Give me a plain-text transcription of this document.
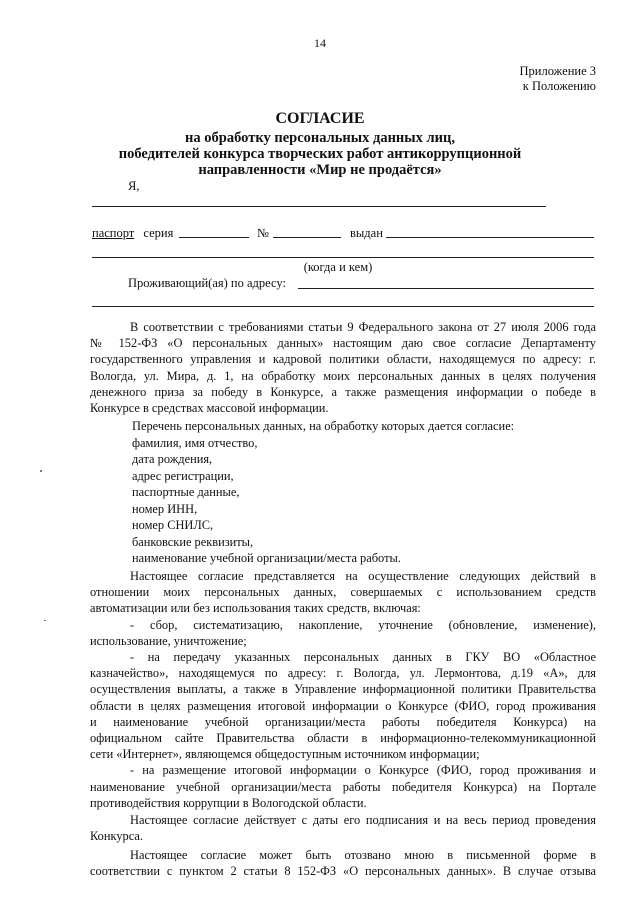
14
Приложение 3
к Положению
СОГЛАСИЕ
на обработку персональных данных лиц,
победителей конкурса творческих работ антикоррупционной
направленности «Мир не продаётся»
Я,
паспорт серия	№	выдан
(когда и кем)
Проживающий(ая) по адресу:
В соответствии с требованиями статьи 9 Федерального закона от 27 июля 2006 года
№ 152-ФЗ «О персональных данных» настоящим даю свое согласие Департаменту
государственного управления и кадровой политики области, находящемуся по адресу: г.
Вологда, ул. Мира, д. 1, на обработку моих персональных данных в целях получения
денежного приза за победу в Конкурсе, а также размещения информации о победе в
Конкурсе в средствах массовой информации.
Перечень персональных данных, на обработку которых дается согласие:
фамилия, имя отчество,
дата рождения,
адрес регистрации,
паспортные данные,
номер ИНН,
номер СНИЛС,
банковские реквизиты,
наименование учебной организации/места работы.
Настоящее согласие представляется на осуществление следующих действий в
отношении моих персональных данных, совершаемых с использованием средств
автоматизации или без использования таких средств, включая:
- сбор, систематизацию, накопление, уточнение (обновление, изменение),
использование, уничтожение;
- на передачу указанных персональных данных в ГКУ ВО «Областное
казначейство», находящемуся по адресу: г. Вологда, ул. Лермонтова, д.19 «А», для
осуществления выплаты, а также в Управление информационной политики Правительства
области в целях размещения итоговой информации о Конкурсе (ФИО, город проживания
и наименование учебной организации/места работы победителя Конкурса) на
официальном сайте Правительства области в информационно-телекоммуникационной
сети «Интернет», являющемся общедоступным источником информации;
- на размещение итоговой информации о Конкурсе (ФИО, город проживания и
наименование учебной организации/места работы победителя Конкурса) на Портале
противодействия коррупции в Вологодской области.
Настоящее согласие действует с даты его подписания и на весь период проведения
Конкурса.
Настоящее согласие может быть отозвано мною в письменной форме в
соответствии с пунктом 2 статьи 8 152-ФЗ «О персональных данных». В случае отзыва
